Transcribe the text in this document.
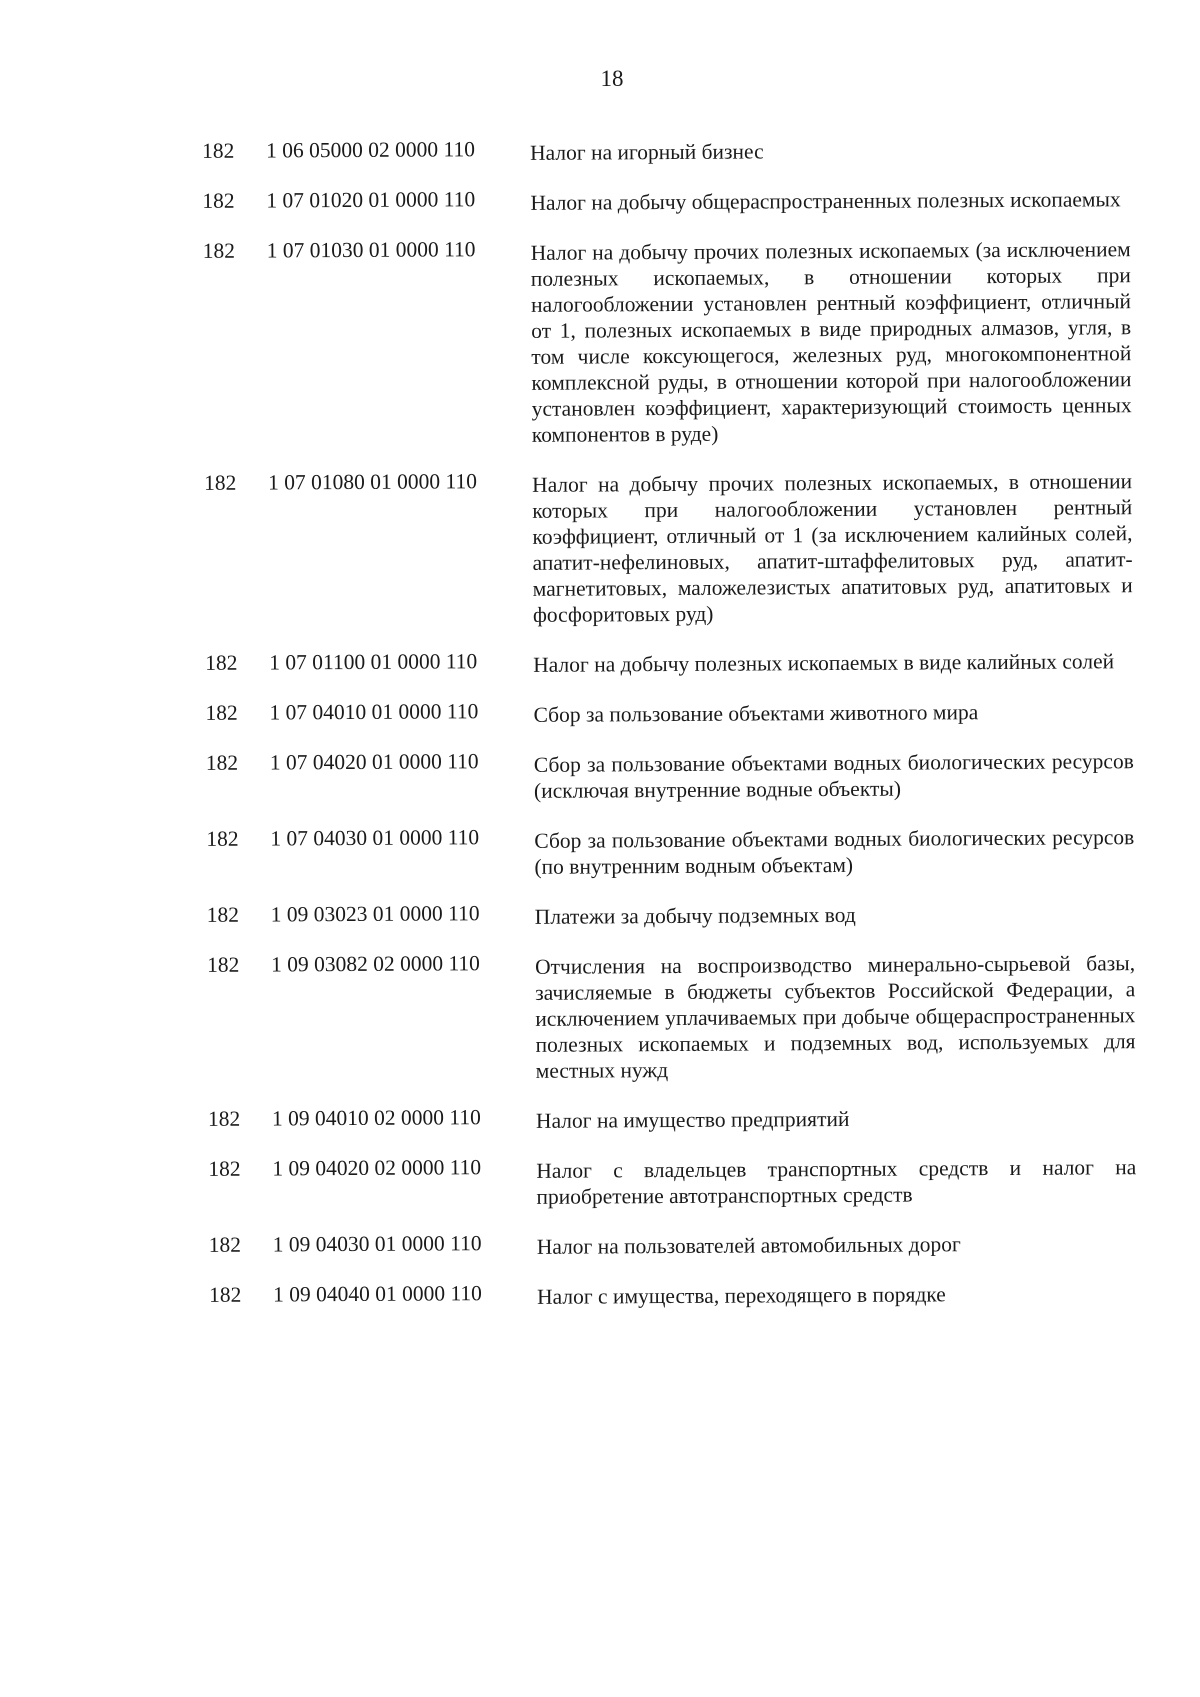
18
182	1 06 05000 02 0000 110	Налог на игорный бизнес
182	1 07 01020 01 0000 110	Налог на добычу общераспространенных полезных ископаемых
182	1 07 01030 01 0000 110	Налог на добычу прочих полезных ископаемых (за исключением полезных ископаемых, в отношении которых при налогообложении установлен рентный коэффициент, отличный от 1, полезных ископаемых в виде природных алмазов, угля, в том числе коксующегося, железных руд, многокомпонентной комплексной руды, в отношении которой при налогообложении установлен коэффициент, характеризующий стоимость ценных компонентов в руде)
182	1 07 01080 01 0000 110	Налог на добычу прочих полезных ископаемых, в отношении которых при налогообложении установлен рентный коэффициент, отличный от 1 (за исключением калийных солей, апатит-нефелиновых, апатит-штаффелитовых руд, апатит-магнетитовых, маложелезистых апатитовых руд, апатитовых и фосфоритовых руд)
182	1 07 01100 01 0000 110	Налог на добычу полезных ископаемых в виде калийных солей
182	1 07 04010 01 0000 110	Сбор за пользование объектами животного мира
182	1 07 04020 01 0000 110	Сбор за пользование объектами водных биологических ресурсов (исключая внутренние водные объекты)
182	1 07 04030 01 0000 110	Сбор за пользование объектами водных биологических ресурсов (по внутренним водным объектам)
182	1 09 03023 01 0000 110	Платежи за добычу подземных вод
182	1 09 03082 02 0000 110	Отчисления на воспроизводство минерально-сырьевой базы, зачисляемые в бюджеты субъектов Российской Федерации, а исключением уплачиваемых при добыче общераспространенных полезных ископаемых и подземных вод, используемых для местных нужд
182	1 09 04010 02 0000 110	Налог на имущество предприятий
182	1 09 04020 02 0000 110	Налог с владельцев транспортных средств и налог на приобретение автотранспортных средств
182	1 09 04030 01 0000 110	Налог на пользователей автомобильных дорог
182	1 09 04040 01 0000 110	Налог с имущества, переходящего в порядке
